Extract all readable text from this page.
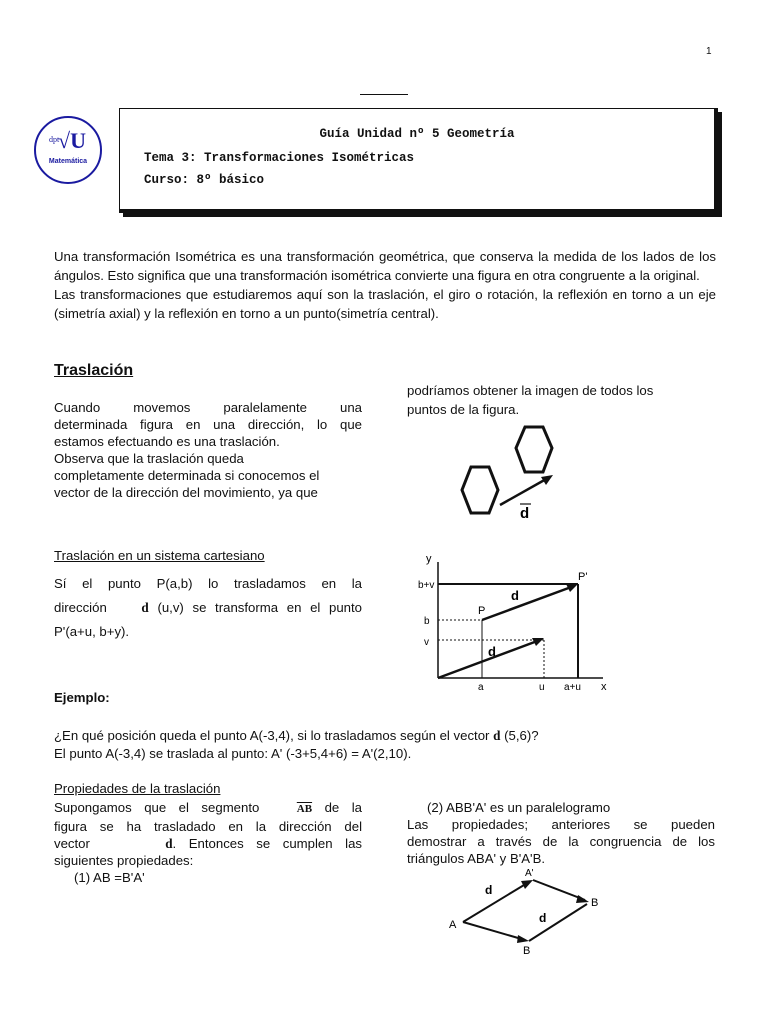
1
dpt
√U
Matemática
Guía Unidad nº 5 Geometría
Tema 3: Transformaciones Isométricas
Curso: 8º básico
Una transformación Isométrica es una transformación geométrica, que conserva la medida de los lados de los ángulos. Esto significa que una transformación isométrica convierte una figura en otra congruente a la original.
Las transformaciones que estudiaremos aquí son la traslación, el giro o rotación, la reflexión en torno a un eje (simetría axial) y la reflexión en torno a un punto(simetría central).
Traslación
Cuando movemos paralelamente una
determinada figura en una dirección, lo que
estamos efectuando es una traslación.
Observa que la traslación queda
completamente determinada si conocemos el
vector de la dirección del movimiento, ya que
podríamos obtener la imagen de todos los
puntos de la figura.
d
Traslación en un sistema cartesiano
Sí el punto P(a,b) lo trasladamos en la
dirección	d (u,v) se transforma en el punto
P'(a+u, b+y).
y
x
b+v
b
v
a	u a+u
P
P'
d
d
Ejemplo:
¿En qué posición queda el punto A(-3,4), si lo trasladamos según el vector d (5,6)?
El punto A(-3,4) se traslada al punto: A' (-3+5,4+6) = A'(2,10).
Propiedades de la traslación
Supongamos que el segmento	$\overline{AB}$ de la
figura se ha trasladado en la dirección del
vector	d. Entonces se cumplen las
siguientes propiedades:
(1) AB =B'A'
(2) ABB'A' es un paralelogramo
Las propiedades; anteriores se pueden
demostrar a través de la congruencia de los
triángulos ABA' y B'A'B.
A
A'
B
B
d
d
